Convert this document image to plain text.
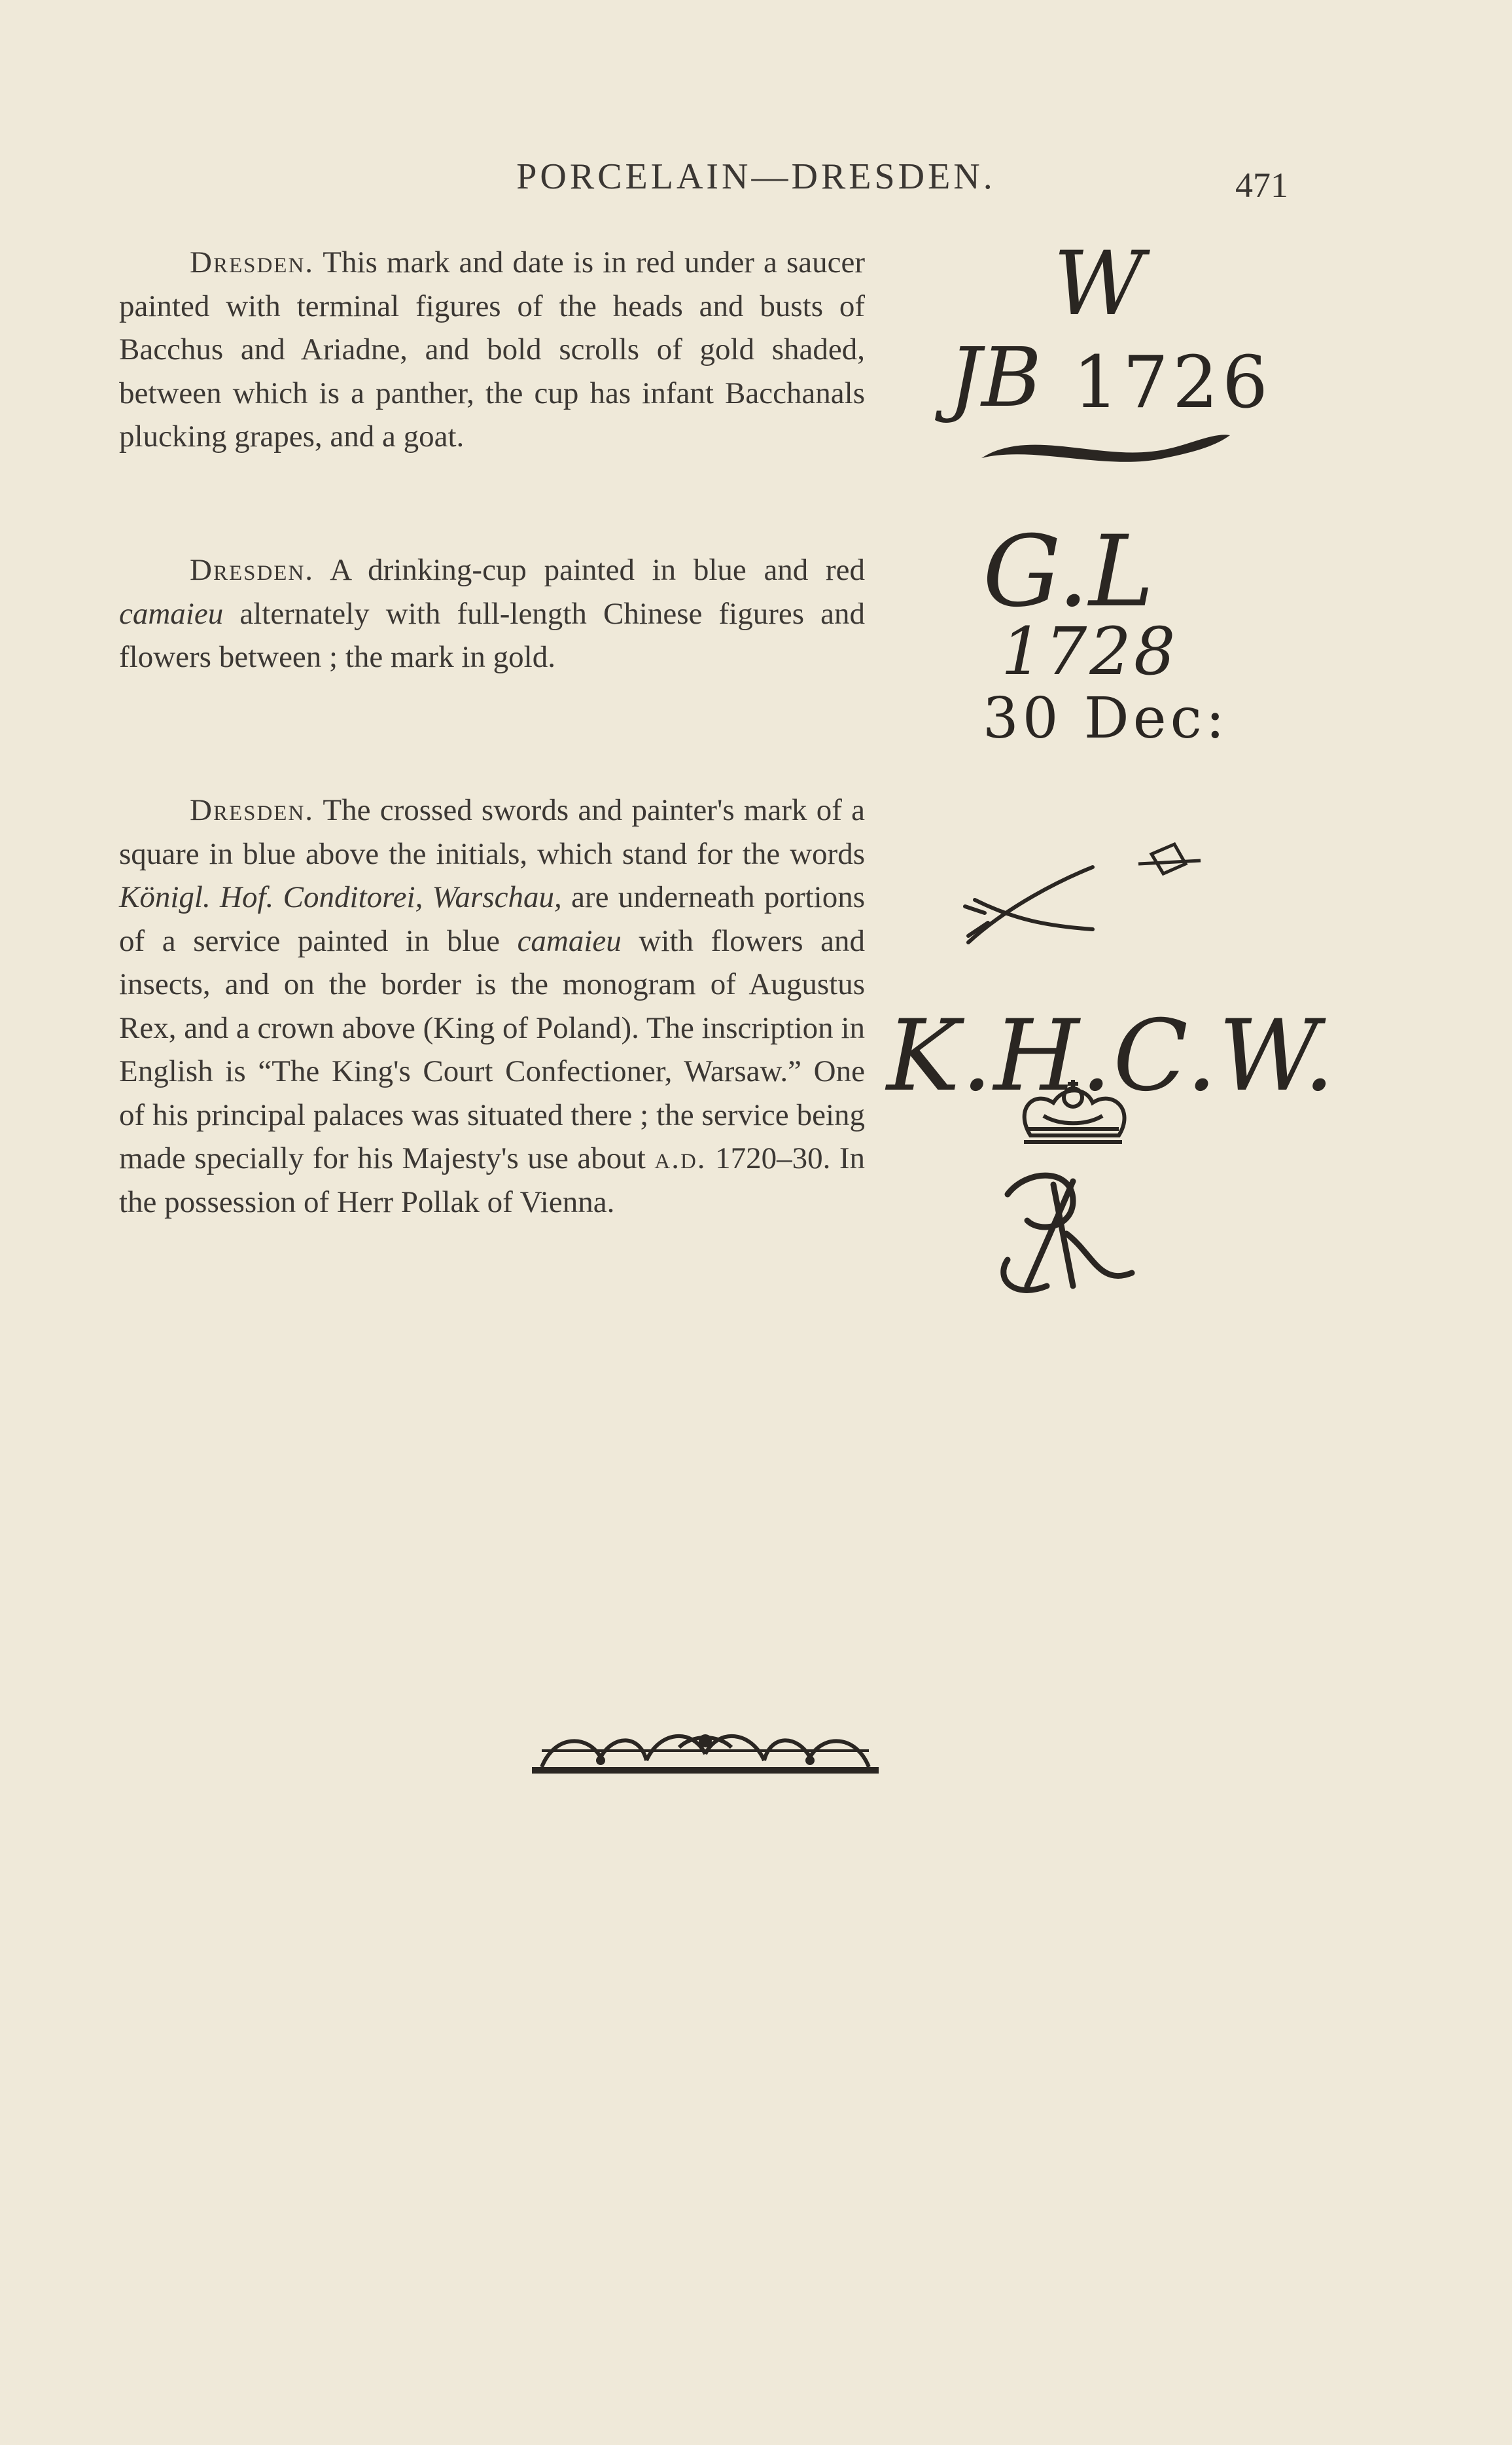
PORCELAIN—DRESDEN.	471

Dresden. This mark and date is in red under a saucer painted with terminal figures of the heads and busts of Bacchus and Ariadne, and bold scrolls of gold shaded, between which is a panther, the cup has infant Bacchanals plucking grapes, and a goat.

Dresden. A drinking-cup painted in blue and red camaieu alternately with full-length Chinese figures and flowers between ; the mark in gold.

Dresden. The crossed swords and painter's mark of a square in blue above the initials, which stand for the words Königl. Hof. Conditorei, Warschau, are underneath portions of a service painted in blue camaieu with flowers and insects, and on the border is the monogram of Augustus Rex, and a crown above (King of Poland). The inscription in English is “The King's Court Confectioner, Warsaw.” One of his principal palaces was situated there ; the service being made specially for his Majesty's use about a.d. 1720–30. In the possession of Herr Pollak of Vienna.

W
JB 1726
G.L
1728
30 Dec:
K.H.C.W.
